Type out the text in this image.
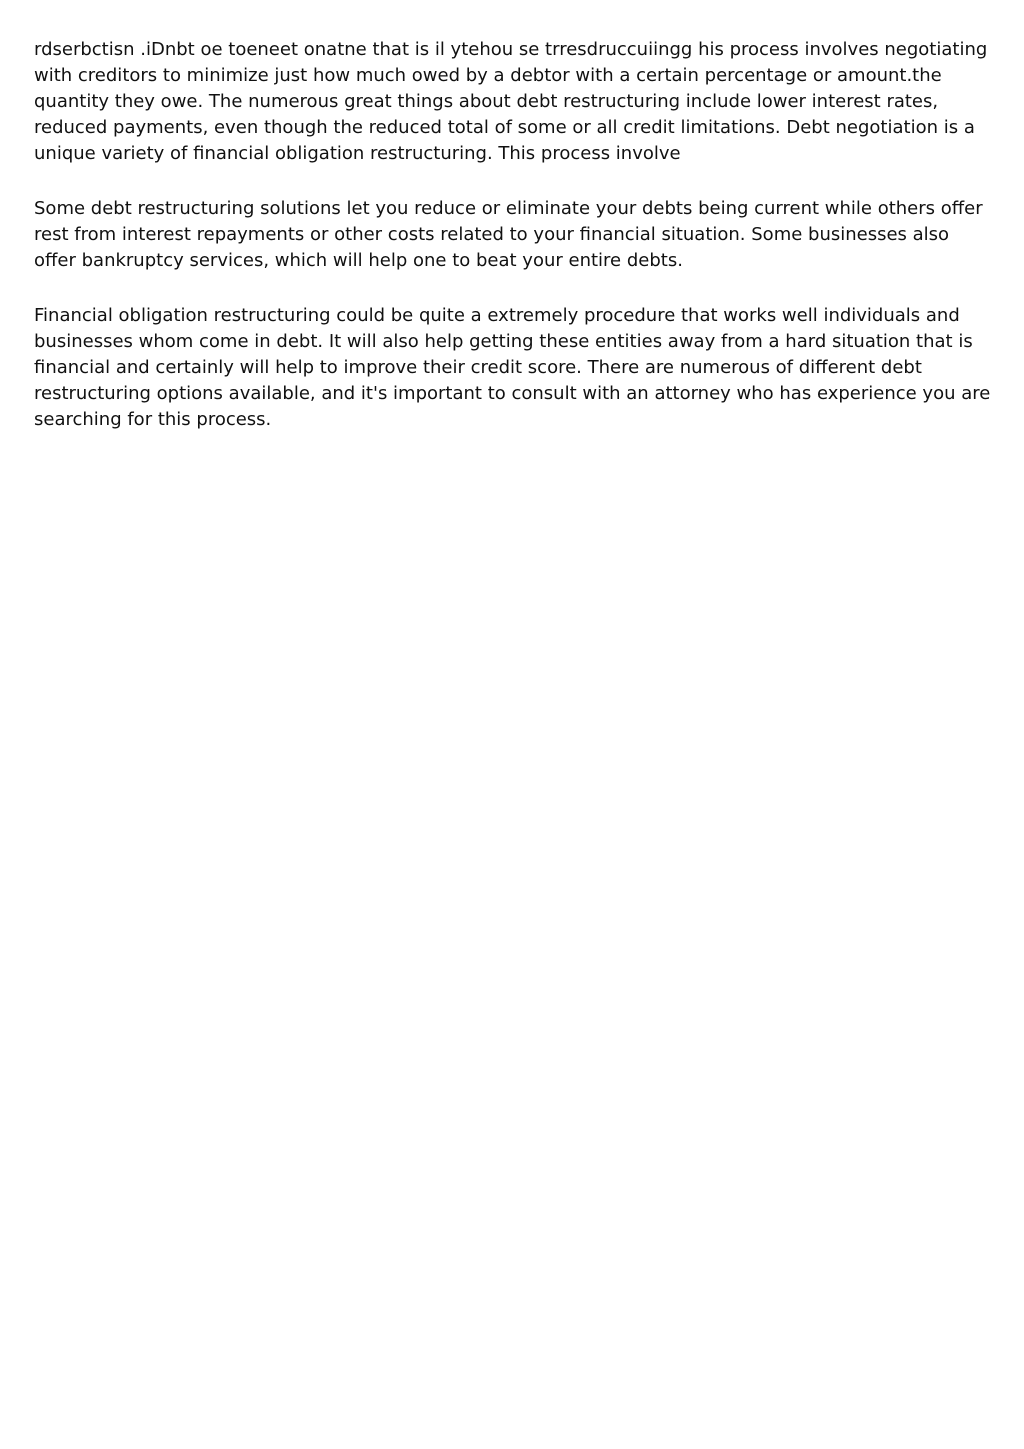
rdserbctisn .iDnbt oe toeneet onatne that is il ytehou se trresdruccuiingg his process involves negotiating with creditors to minimize just how much owed by a debtor with a certain percentage or amount.the quantity they owe. The numerous great things about debt restructuring include lower interest rates, reduced payments, even though the reduced total of some or all credit limitations. Debt negotiation is a unique variety of financial obligation restructuring. This process involve

Some debt restructuring solutions let you reduce or eliminate your debts being current while others offer rest from interest repayments or other costs related to your financial situation. Some businesses also offer bankruptcy services, which will help one to beat your entire debts.

Financial obligation restructuring could be quite a extremely procedure that works well individuals and businesses whom come in debt. It will also help getting these entities away from a hard situation that is financial and certainly will help to improve their credit score. There are numerous of different debt restructuring options available, and it's important to consult with an attorney who has experience you are searching for this process.
